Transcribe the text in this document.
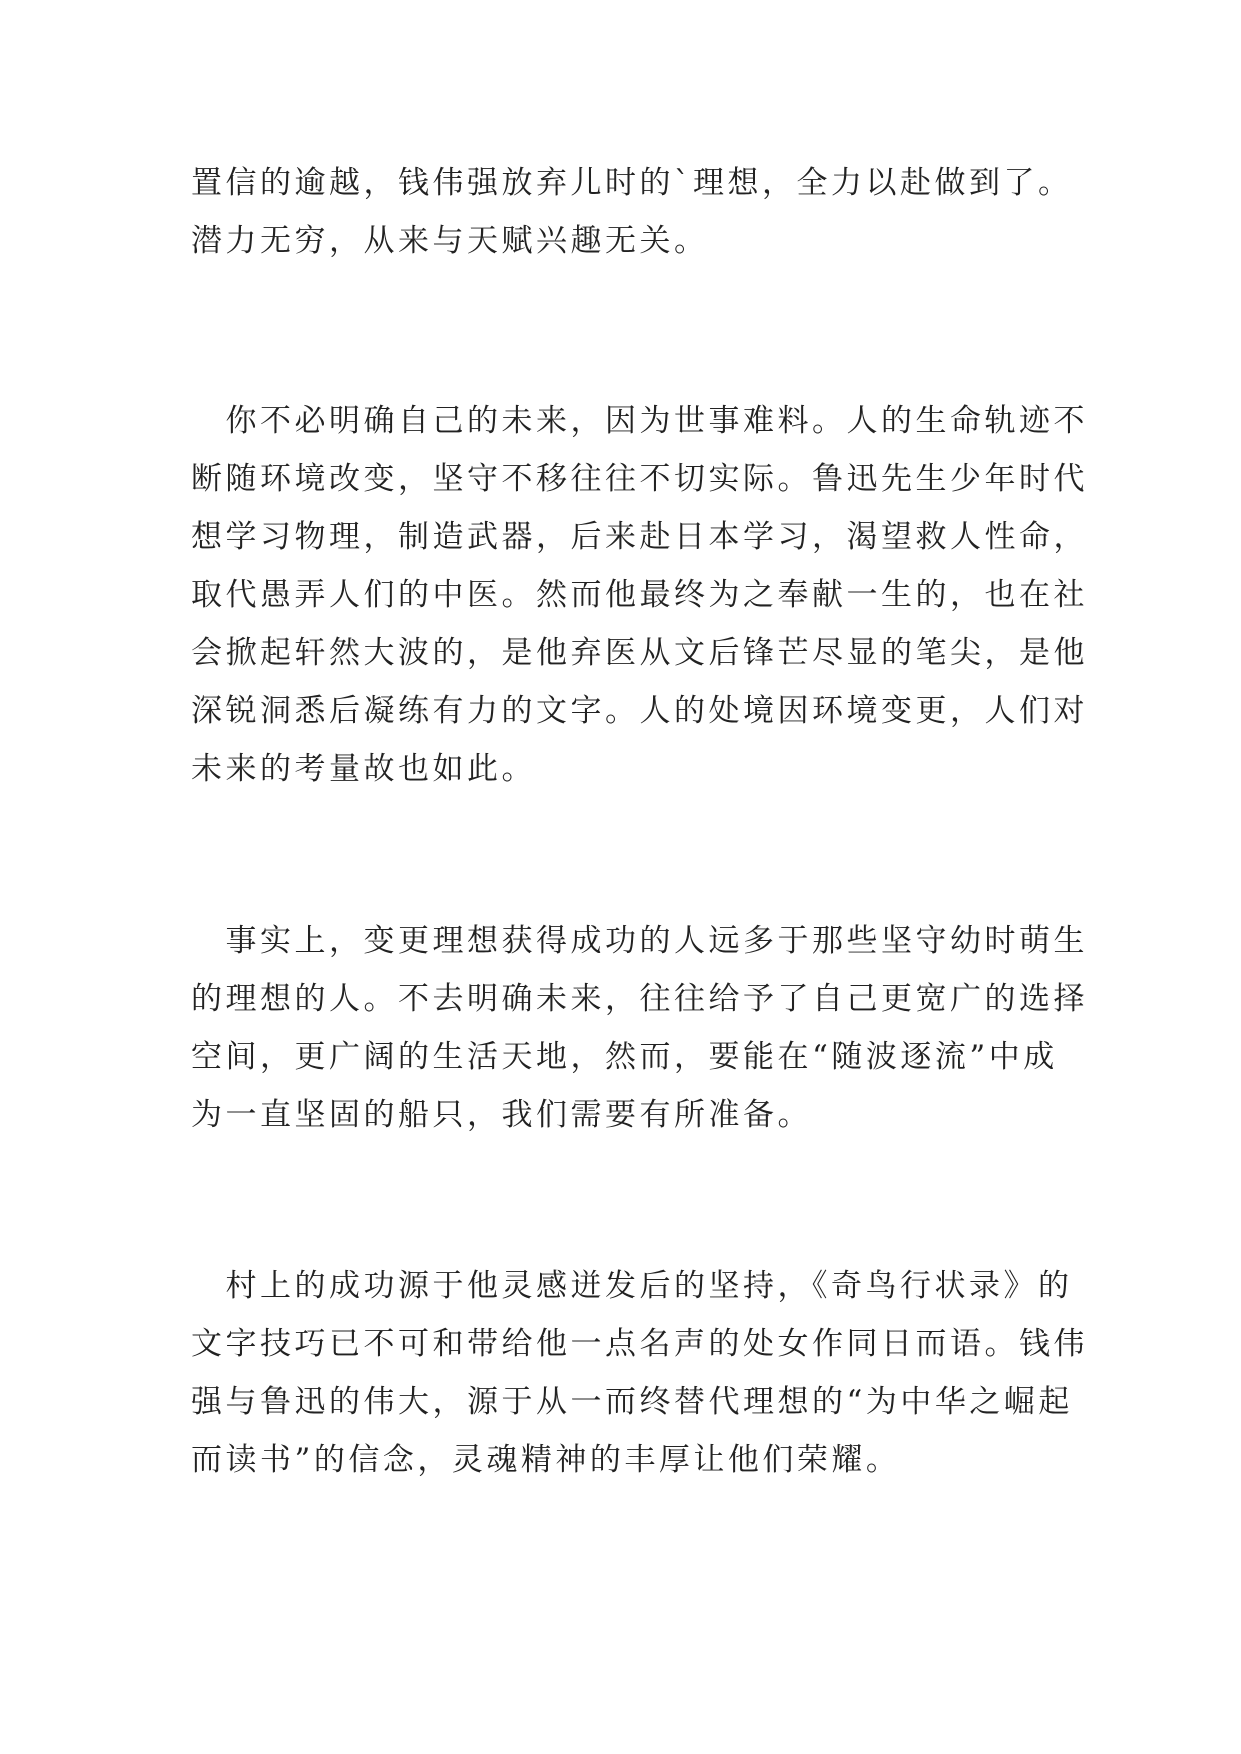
置信的逾越，钱伟强放弃儿时的`理想，全力以赴做到了。
潜力无穷，从来与天赋兴趣无关。
　你不必明确自己的未来，因为世事难料。人的生命轨迹不
断随环境改变，坚守不移往往不切实际。鲁迅先生少年时代
想学习物理，制造武器，后来赴日本学习，渴望救人性命，
取代愚弄人们的中医。然而他最终为之奉献一生的，也在社
会掀起轩然大波的，是他弃医从文后锋芒尽显的笔尖，是他
深锐洞悉后凝练有力的文字。人的处境因环境变更，人们对
未来的考量故也如此。
　事实上，变更理想获得成功的人远多于那些坚守幼时萌生
的理想的人。不去明确未来，往往给予了自己更宽广的选择
空间，更广阔的生活天地，然而，要能在“随波逐流”中成
为一直坚固的船只，我们需要有所准备。
　村上的成功源于他灵感迸发后的坚持，《奇鸟行状录》的
文字技巧已不可和带给他一点名声的处女作同日而语。钱伟
强与鲁迅的伟大，源于从一而终替代理想的“为中华之崛起
而读书”的信念，灵魂精神的丰厚让他们荣耀。
